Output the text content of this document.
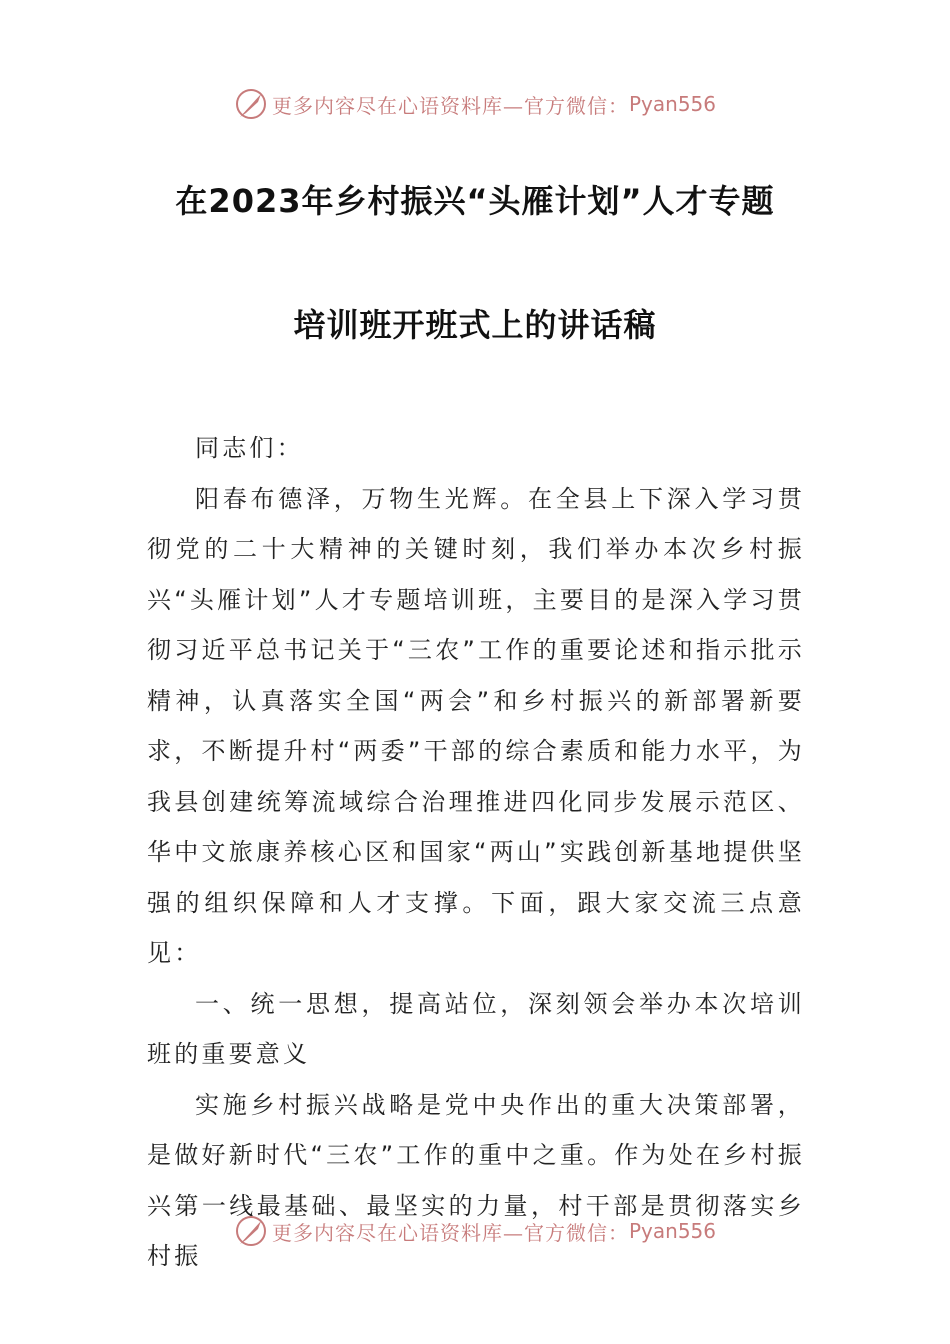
更多内容尽在心语资料库—官方微信： Pyan556
在2023年乡村振兴“头雁计划”人才专题
培训班开班式上的讲话稿

同志们：

阳春布德泽，万物生光辉。在全县上下深入学习贯彻党的二十大精神的关键时刻，我们举办本次乡村振兴“头雁计划”人才专题培训班，主要目的是深入学习贯彻习近平总书记关于“三农”工作的重要论述和指示批示精神，认真落实全国“两会”和乡村振兴的新部署新要求，不断提升村“两委”干部的综合素质和能力水平，为我县创建统筹流域综合治理推进四化同步发展示范区、华中文旅康养核心区和国家“两山”实践创新基地提供坚强的组织保障和人才支撑。下面，跟大家交流三点意见：

一、统一思想，提高站位，深刻领会举办本次培训班的重要意义

实施乡村振兴战略是党中央作出的重大决策部署，是做好新时代“三农”工作的重中之重。作为处在乡村振兴第一线最基础、最坚实的力量，村干部是贯彻落实乡村振

更多内容尽在心语资料库—官方微信： Pyan556
